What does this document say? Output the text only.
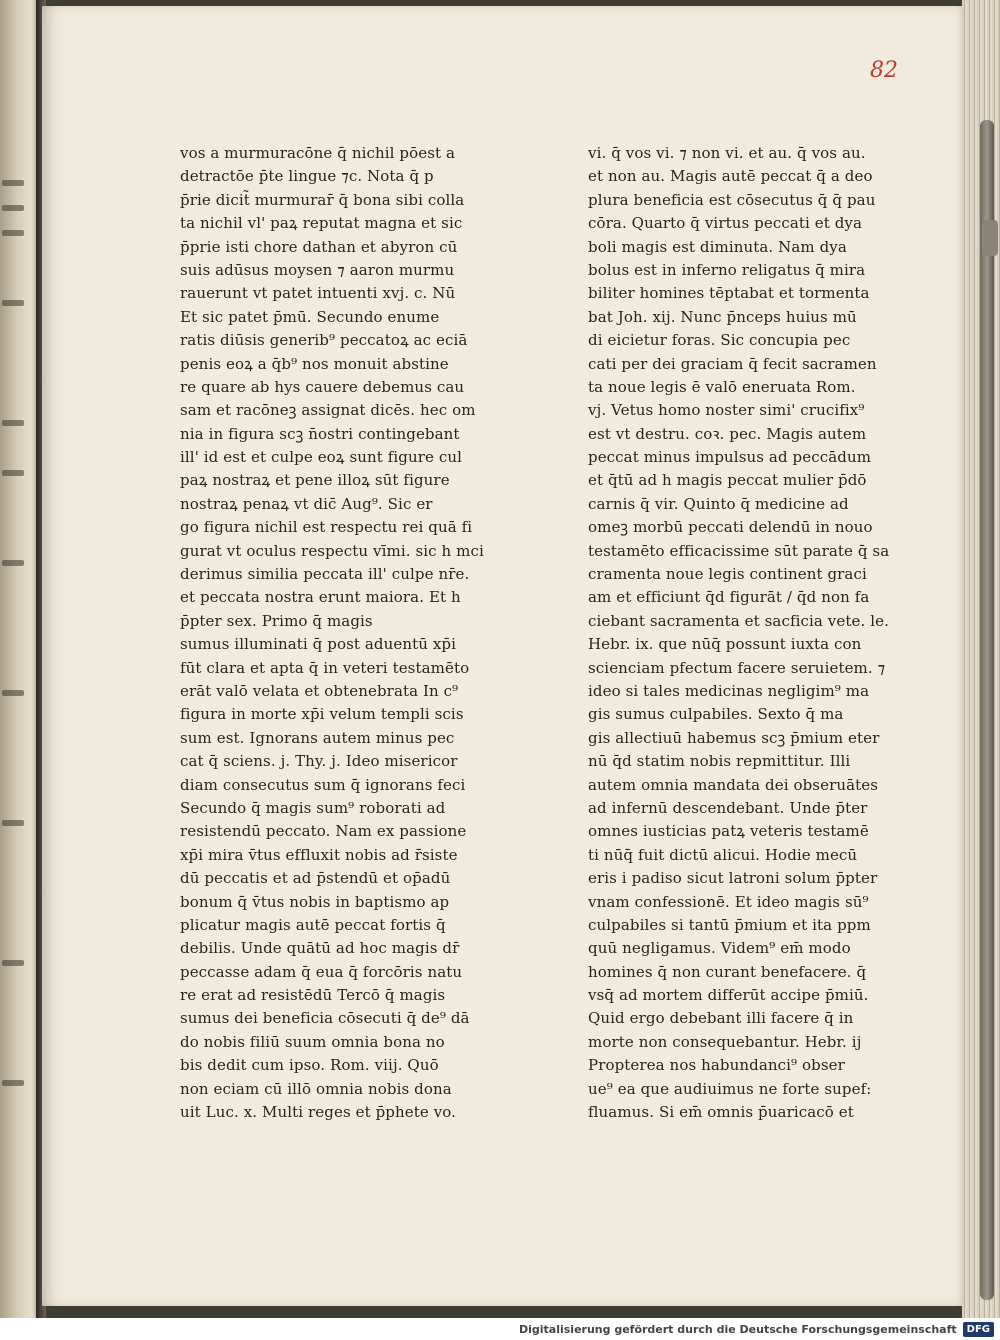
82
vos a murmuracōne q̄ nichil pōest a
detractōe p̄te lingue ⁊c. Nota q̄ p
p̄rie dicit̃ murmurar̄ q̄ bona sibi colla
ta nichil vl' paꝝ reputat magna et sic
p̄prie isti chore dathan et abyron cū
suis adūsus moysen ⁊ aaron murmu
rauerunt vt patet intuenti xvj. c. Nū
Et sic patet p̄mū. Secundo enume
ratis diūsis generib⁹ peccatoꝝ ac eciā
penis eoꝝ a q̄b⁹ nos monuit abstine
re quare ab hys cauere debemus cau
sam et racōneꝫ assignat dicēs. hec om
nia in figura scꝫ n̄ostri contingebant
ill' id est et culpe eoꝝ sunt figure cul
paꝝ nostraꝝ et pene illoꝝ sūt figure
nostraꝝ penaꝝ vt dic̄ Aug⁹. Sic er
go figura nichil est respectu rei quā fi
gurat vt oculus respectu vīmi. sic h mci
derimus similia peccata ill' culpe nr̄e.
et peccata nostra erunt maiora. Et h
p̄pter sex. Primo q̄ magis
sumus illuminati q̄ post aduentū xp̄i
fūt clara et apta q̄ in veteri testamēto
erāt valō velata et obtenebrata In c⁹
figura in morte xp̄i velum templi scis
sum est. Ignorans autem minus pec
cat q̄ sciens. j. Thy. j. Ideo misericor
diam consecutus sum q̄ ignorans feci
Secundo q̄ magis sum⁹ roborati ad
resistendū peccato. Nam ex passione
xp̄i mira v̄tus effluxit nobis ad r̄siste
dū peccatis et ad p̄stendū et op̄adū
bonum q̄ v̄tus nobis in baptismo ap
plicatur magis autē peccat fortis q̄
debilis. Unde quātū ad hoc magis dr̄
peccasse adam q̄ eua q̄ forcōris natu
re erat ad resistēdū Tercō q̄ magis
sumus dei beneficia cōsecuti q̄ de⁹ dā
do nobis filiū suum omnia bona no
bis dedit cum ipso. Rom. viij. Quō
non eciam cū illō omnia nobis dona
uit Luc. x. Multi reges et p̄phete vo.
vi. q̄ vos vi. ⁊ non vi. et au. q̄ vos au.
et non au. Magis autē peccat q̄ a deo
plura beneficia est cōsecutus q̄ q̄ pau
cōra. Quarto q̄ virtus peccati et dya
boli magis est diminuta. Nam dya
bolus est in inferno religatus q̄ mira
biliter homines tēptabat et tormenta
bat Joh. xij. Nunc p̄nceps huius mū
di eicietur foras. Sic concupia pec
cati per dei graciam q̄ fecit sacramen
ta noue legis ē valō eneruata Rom.
vj. Vetus homo noster simi' crucifix⁹
est vt destru. coꝛ. pec. Magis autem
peccat minus impulsus ad peccādum
et q̄tū ad h magis peccat mulier p̄dō
carnis q̄ vir. Quinto q̄ medicine ad
omeꝫ morbū peccati delendū in nouo
testamēto efficacissime sūt parate q̄ sa
cramenta noue legis continent graci
am et efficiunt q̄d figurāt / q̄d non fa
ciebant sacramenta et sacficia vete. le.
Hebr. ix. que nūq̄ possunt iuxta con
scienciam pfectum facere seruietem. ⁊
ideo si tales medicinas negligim⁹ ma
gis sumus culpabiles. Sexto q̄ ma
gis allectiuū habemus scꝫ p̄mium eter
nū q̄d statim nobis repmittitur. Illi
autem omnia mandata dei obseruātes
ad infernū descendebant. Unde p̄ter
omnes iusticias patꝝ veteris testamē
ti nūq̄ fuit dictū alicui. Hodie mecū
eris i padiso sicut latroni solum p̄pter
vnam confessionē. Et ideo magis sū⁹
culpabiles si tantū p̄mium et ita ppm
quū negligamus. Videm⁹ em̄ modo
homines q̄ non curant benefacere. q̄
vsq̄ ad mortem differūt accipe p̄miū.
Quid ergo debebant illi facere q̄ in
morte non consequebantur. Hebr. ij
Propterea nos habundanci⁹ obser
ue⁹ ea que audiuimus ne forte supef:
fluamus. Si em̄ omnis p̄uaricacō et
Digitalisierung gefördert durch die Deutsche Forschungsgemeinschaft	DFG
